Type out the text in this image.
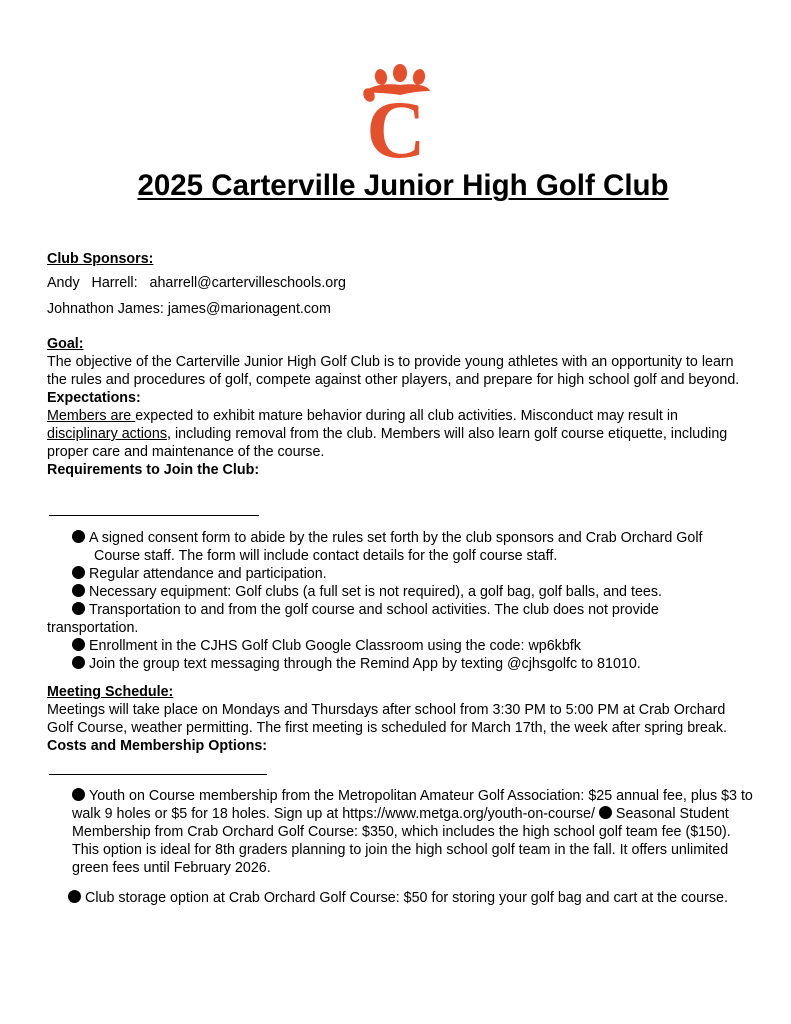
C
2025 Carterville Junior High Golf Club
Club Sponsors:
Andy   Harrell:   aharrell@cartervilleschools.org
Johnathon James: james@marionagent.com
Goal:
The objective of the Carterville Junior High Golf Club is to provide young athletes with an opportunity to learn
the rules and procedures of golf, compete against other players, and prepare for high school golf and beyond.
Expectations:
Members are expected to exhibit mature behavior during all club activities. Misconduct may result in
disciplinary actions, including removal from the club. Members will also learn golf course etiquette, including
proper care and maintenance of the course.
Requirements to Join the Club:
A signed consent form to abide by the rules set forth by the club sponsors and Crab Orchard Golf
Course staff. The form will include contact details for the golf course staff.
Regular attendance and participation.
Necessary equipment: Golf clubs (a full set is not required), a golf bag, golf balls, and tees.
Transportation to and from the golf course and school activities. The club does not provide
transportation.
Enrollment in the CJHS Golf Club Google Classroom using the code: wp6kbfk
Join the group text messaging through the Remind App by texting @cjhsgolfc to 81010.
Meeting Schedule:
Meetings will take place on Mondays and Thursdays after school from 3:30 PM to 5:00 PM at Crab Orchard
Golf Course, weather permitting. The first meeting is scheduled for March 17th, the week after spring break.
Costs and Membership Options:
Youth on Course membership from the Metropolitan Amateur Golf Association: $25 annual fee, plus $3 to
walk 9 holes or $5 for 18 holes. Sign up at https://www.metga.org/youth-on-course/ Seasonal Student
Membership from Crab Orchard Golf Course: $350, which includes the high school golf team fee ($150).
This option is ideal for 8th graders planning to join the high school golf team in the fall. It offers unlimited
green fees until February 2026.
Club storage option at Crab Orchard Golf Course: $50 for storing your golf bag and cart at the course.
